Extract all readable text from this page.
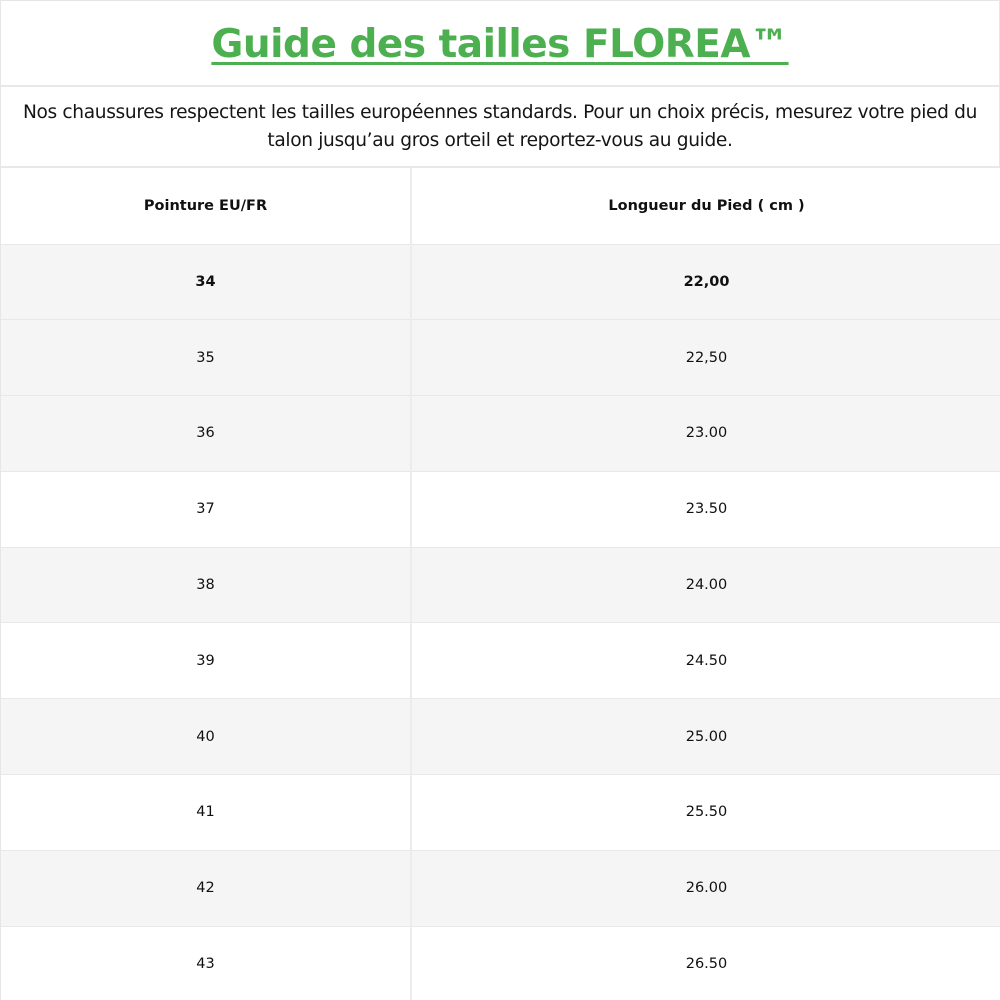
Guide des tailles FLOREA™

Nos chaussures respectent les tailles européennes standards. Pour un choix précis, mesurez votre pied du talon jusqu’au gros orteil et reportez-vous au guide.

Pointure EU/FR	Longueur du Pied ( cm )
34	22,00
35	22,50
36	23.00
37	23.50
38	24.00
39	24.50
40	25.00
41	25.50
42	26.00
43	26.50
